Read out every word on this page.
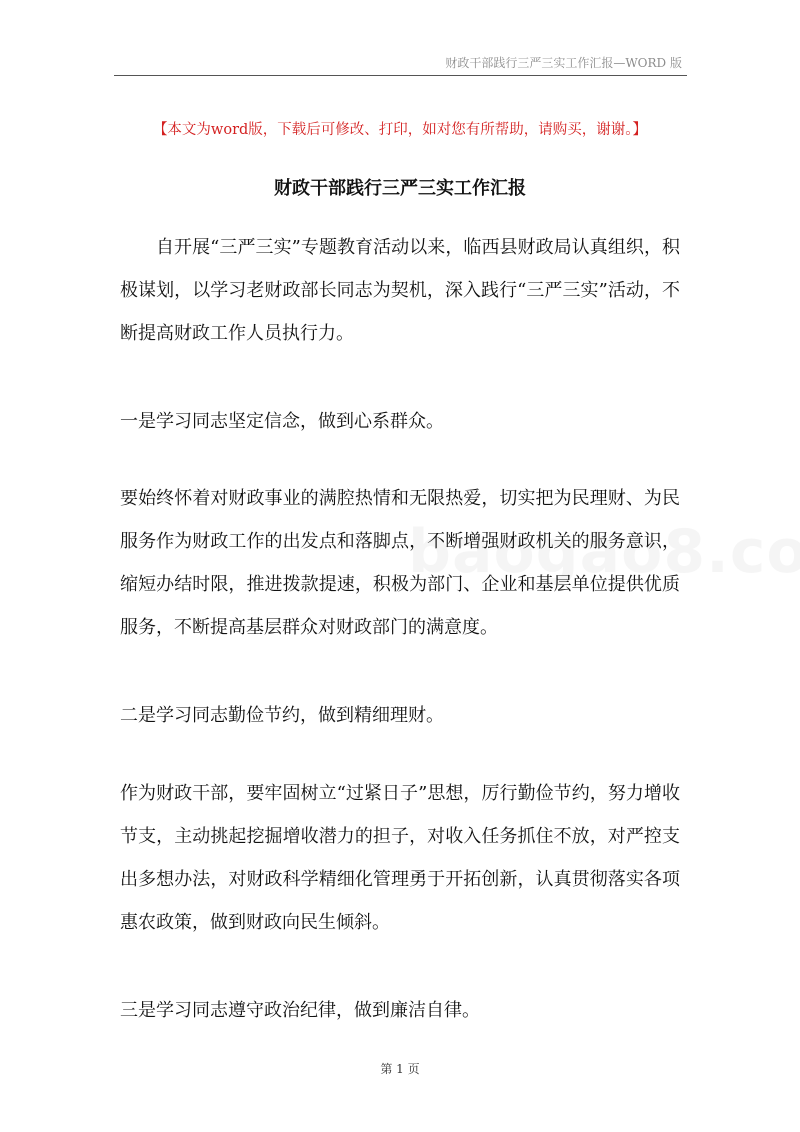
财政干部践行三严三实工作汇报—WORD 版
【本文为word版，下载后可修改、打印，如对您有所帮助，请购买，谢谢。】
财政干部践行三严三实工作汇报

自开展“三严三实”专题教育活动以来，临西县财政局认真组织，积极谋划，以学习老财政部长同志为契机，深入践行“三严三实”活动，不断提高财政工作人员执行力。

一是学习同志坚定信念，做到心系群众。

要始终怀着对财政事业的满腔热情和无限热爱，切实把为民理财、为民服务作为财政工作的出发点和落脚点，不断增强财政机关的服务意识，缩短办结时限，推进拨款提速，积极为部门、企业和基层单位提供优质服务，不断提高基层群众对财政部门的满意度。

二是学习同志勤俭节约，做到精细理财。

作为财政干部，要牢固树立“过紧日子”思想，厉行勤俭节约，努力增收节支，主动挑起挖掘增收潜力的担子，对收入任务抓住不放，对严控支出多想办法，对财政科学精细化管理勇于开拓创新，认真贯彻落实各项惠农政策，做到财政向民生倾斜。

三是学习同志遵守政治纪律，做到廉洁自律。

第 1 页
